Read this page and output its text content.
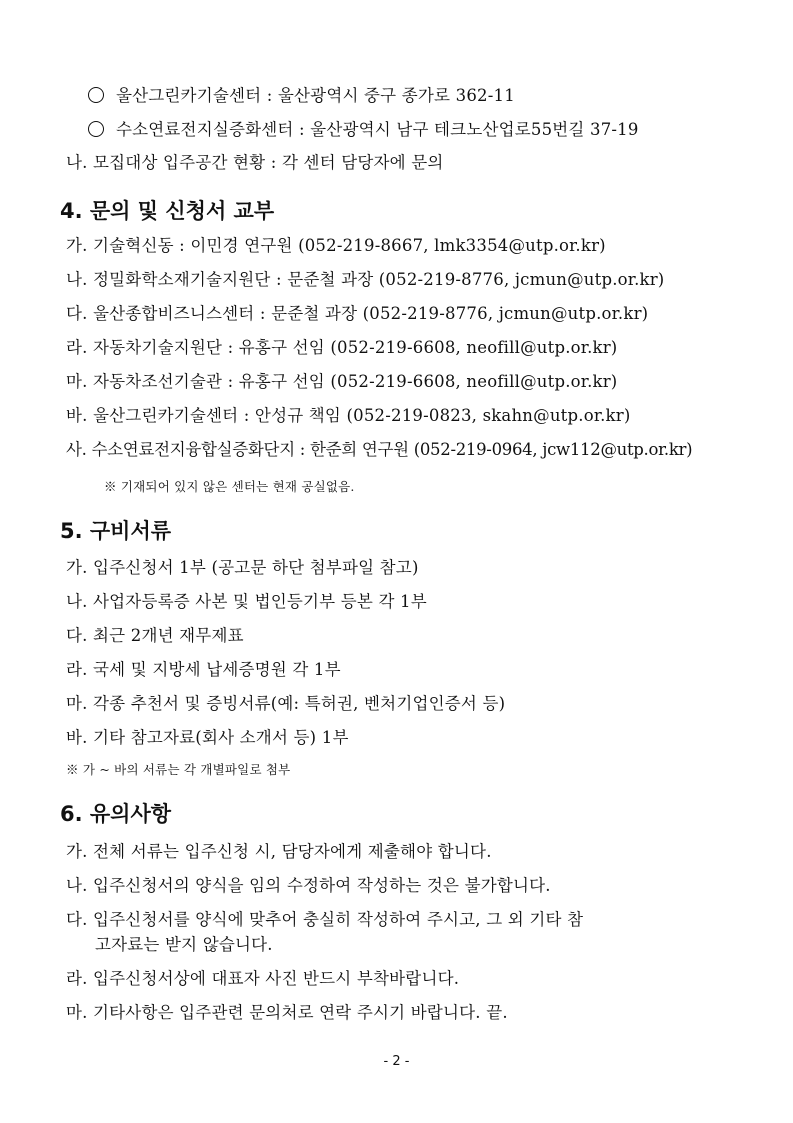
울산그린카기술센터 : 울산광역시 중구 종가로 362-11
수소연료전지실증화센터 : 울산광역시 남구 테크노산업로55번길 37-19
나. 모집대상 입주공간 현황 : 각 센터 담당자에 문의
4. 문의 및 신청서 교부
가. 기술혁신동 : 이민경 연구원 (052-219-8667, lmk3354@utp.or.kr)
나. 정밀화학소재기술지원단 : 문준철 과장 (052-219-8776, jcmun@utp.or.kr)
다. 울산종합비즈니스센터 : 문준철 과장 (052-219-8776, jcmun@utp.or.kr)
라. 자동차기술지원단 : 유홍구 선임 (052-219-6608, neofill@utp.or.kr)
마. 자동차조선기술관 : 유홍구 선임 (052-219-6608, neofill@utp.or.kr)
바. 울산그린카기술센터 : 안성규 책임 (052-219-0823, skahn@utp.or.kr)
사. 수소연료전지융합실증화단지 : 한준희 연구원 (052-219-0964, jcw112@utp.or.kr)
※ 기재되어 있지 않은 센터는 현재 공실없음.
5. 구비서류
가. 입주신청서 1부 (공고문 하단 첨부파일 참고)
나. 사업자등록증 사본 및 법인등기부 등본 각 1부
다. 최근 2개년 재무제표
라. 국세 및 지방세 납세증명원 각 1부
마. 각종 추천서 및 증빙서류(예: 특허권, 벤처기업인증서 등)
바. 기타 참고자료(회사 소개서 등) 1부
※ 가 ~ 바의 서류는 각 개별파일로 첨부
6. 유의사항
가. 전체 서류는 입주신청 시, 담당자에게 제출해야 합니다.
나. 입주신청서의 양식을 임의 수정하여 작성하는 것은 불가합니다.
다. 입주신청서를 양식에 맞추어 충실히 작성하여 주시고, 그 외 기타 참
고자료는 받지 않습니다.
라. 입주신청서상에 대표자 사진 반드시 부착바랍니다.
마. 기타사항은 입주관련 문의처로 연락 주시기 바랍니다. 끝.
- 2 -
